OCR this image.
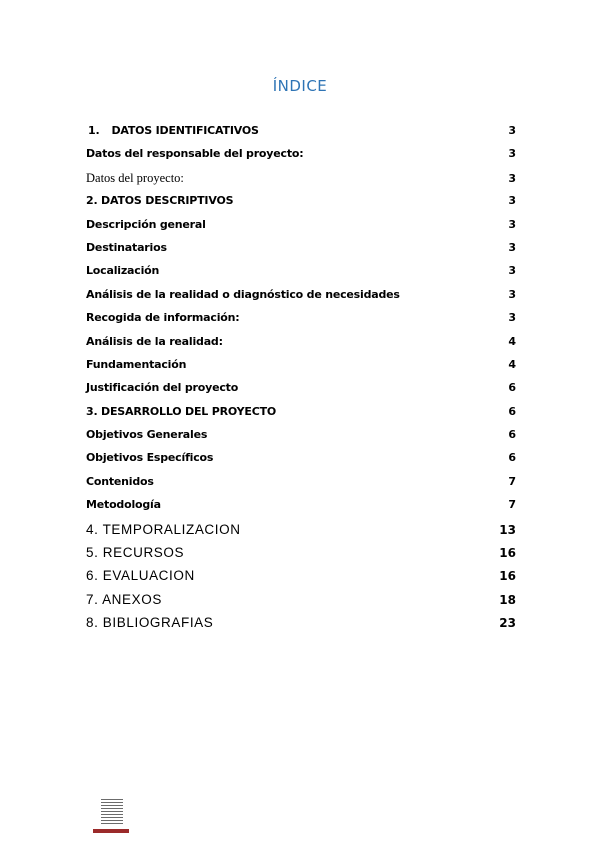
ÍNDICE
1. DATOS IDENTIFICATIVOS	3
Datos del responsable del proyecto:	3
Datos del proyecto:	3
2. DATOS DESCRIPTIVOS	3
Descripción general	3
Destinatarios	3
Localización	3
Análisis de la realidad o diagnóstico de necesidades	3
Recogida de información:	3
Análisis de la realidad:	4
Fundamentación	4
Justificación del proyecto	6
3. DESARROLLO DEL PROYECTO	6
Objetivos Generales	6
Objetivos Específicos	6
Contenidos	7
Metodología	7
4. TEMPORALIZACION	13
5. RECURSOS	16
6. EVALUACION	16
7. ANEXOS	18
8. BIBLIOGRAFIAS	23
